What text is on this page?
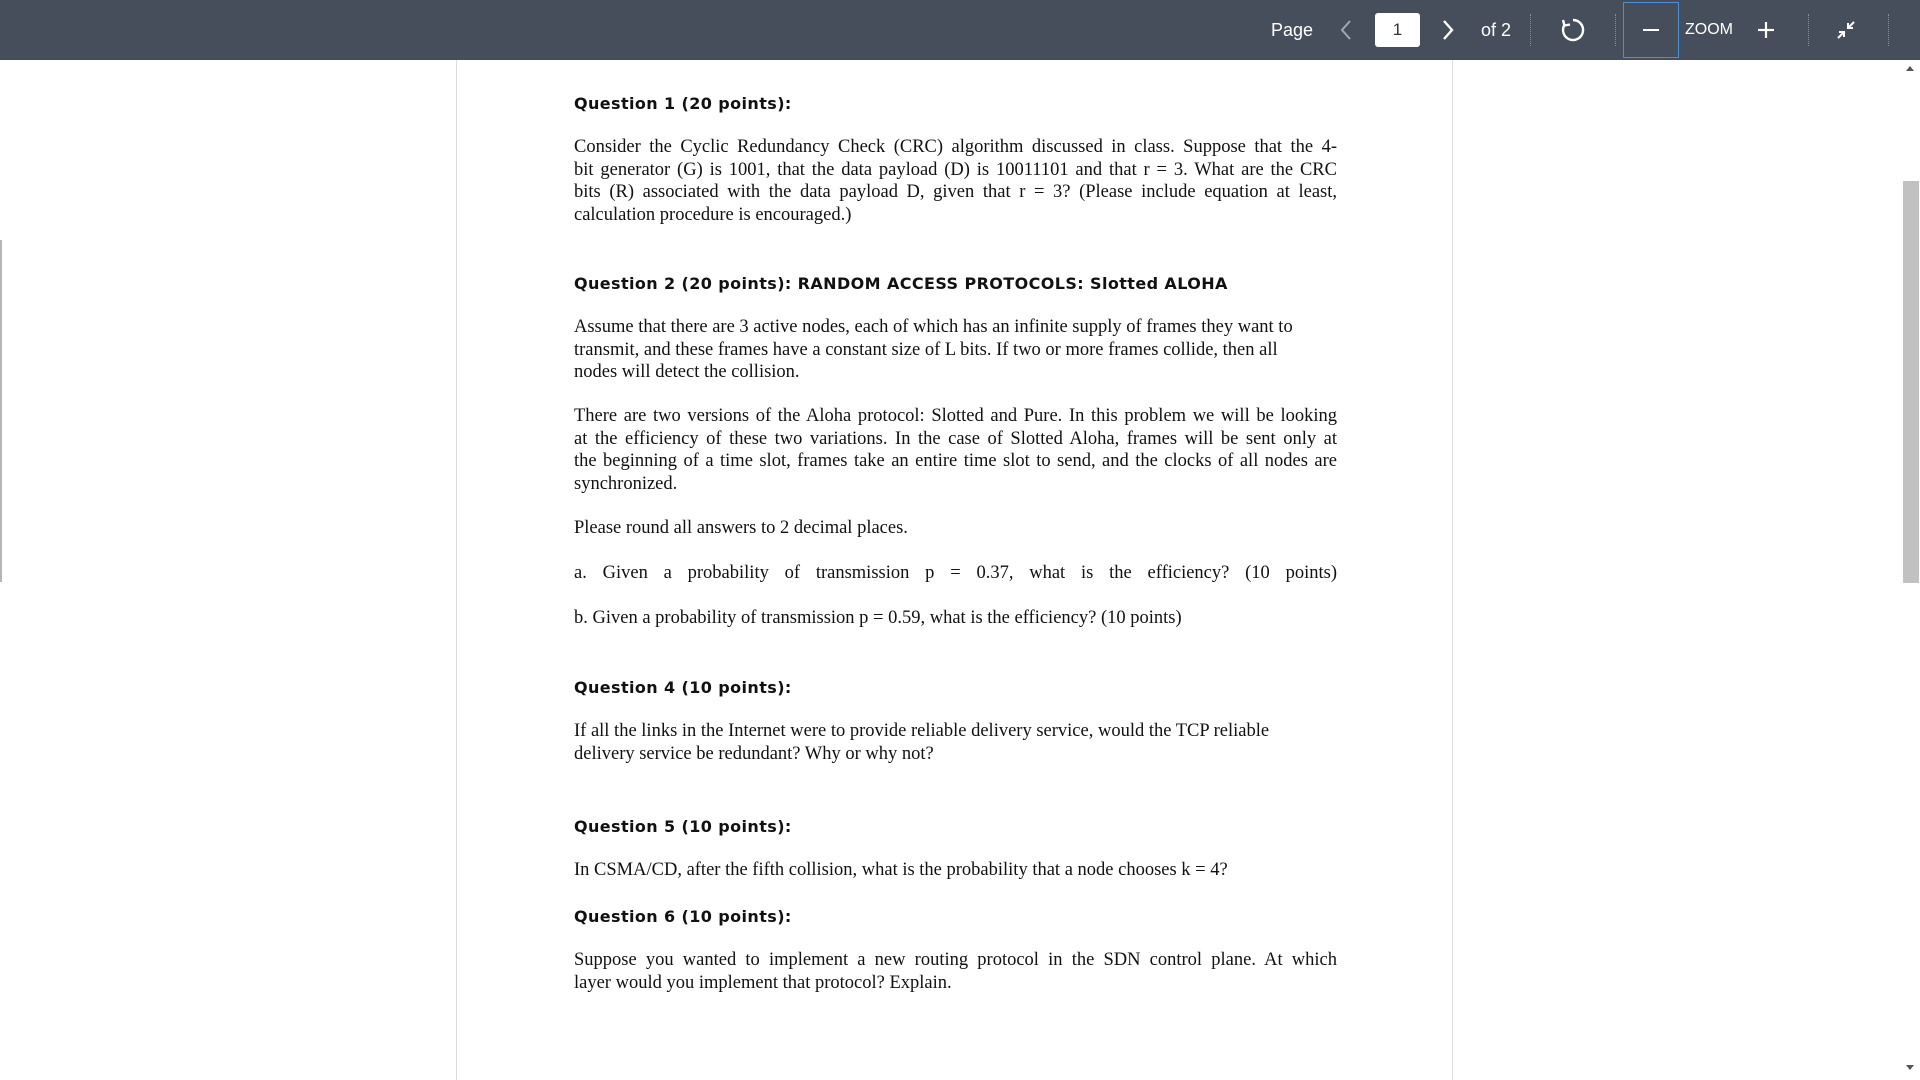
Page
1	of 2	ZOOM
Question 1 (20 points):
Consider the Cyclic Redundancy Check (CRC) algorithm discussed in class. Suppose that the 4-
bit generator (G) is 1001, that the data payload (D) is 10011101 and that r = 3. What are the CRC
bits (R) associated with the data payload D, given that r = 3? (Please include equation at least,
calculation procedure is encouraged.)
Question 2 (20 points): RANDOM ACCESS PROTOCOLS: Slotted ALOHA
Assume that there are 3 active nodes, each of which has an infinite supply of frames they want to
transmit, and these frames have a constant size of L bits. If two or more frames collide, then all
nodes will detect the collision.
There are two versions of the Aloha protocol: Slotted and Pure. In this problem we will be looking
at the efficiency of these two variations. In the case of Slotted Aloha, frames will be sent only at
the beginning of a time slot, frames take an entire time slot to send, and the clocks of all nodes are
synchronized.
Please round all answers to 2 decimal places.
a. Given a probability of transmission p = 0.37, what is the efficiency? (10 points)
b. Given a probability of transmission p = 0.59, what is the efficiency? (10 points)
Question 4 (10 points):
If all the links in the Internet were to provide reliable delivery service, would the TCP reliable
delivery service be redundant? Why or why not?
Question 5 (10 points):
In CSMA/CD, after the fifth collision, what is the probability that a node chooses k = 4?
Question 6 (10 points):
Suppose you wanted to implement a new routing protocol in the SDN control plane. At which
layer would you implement that protocol? Explain.
